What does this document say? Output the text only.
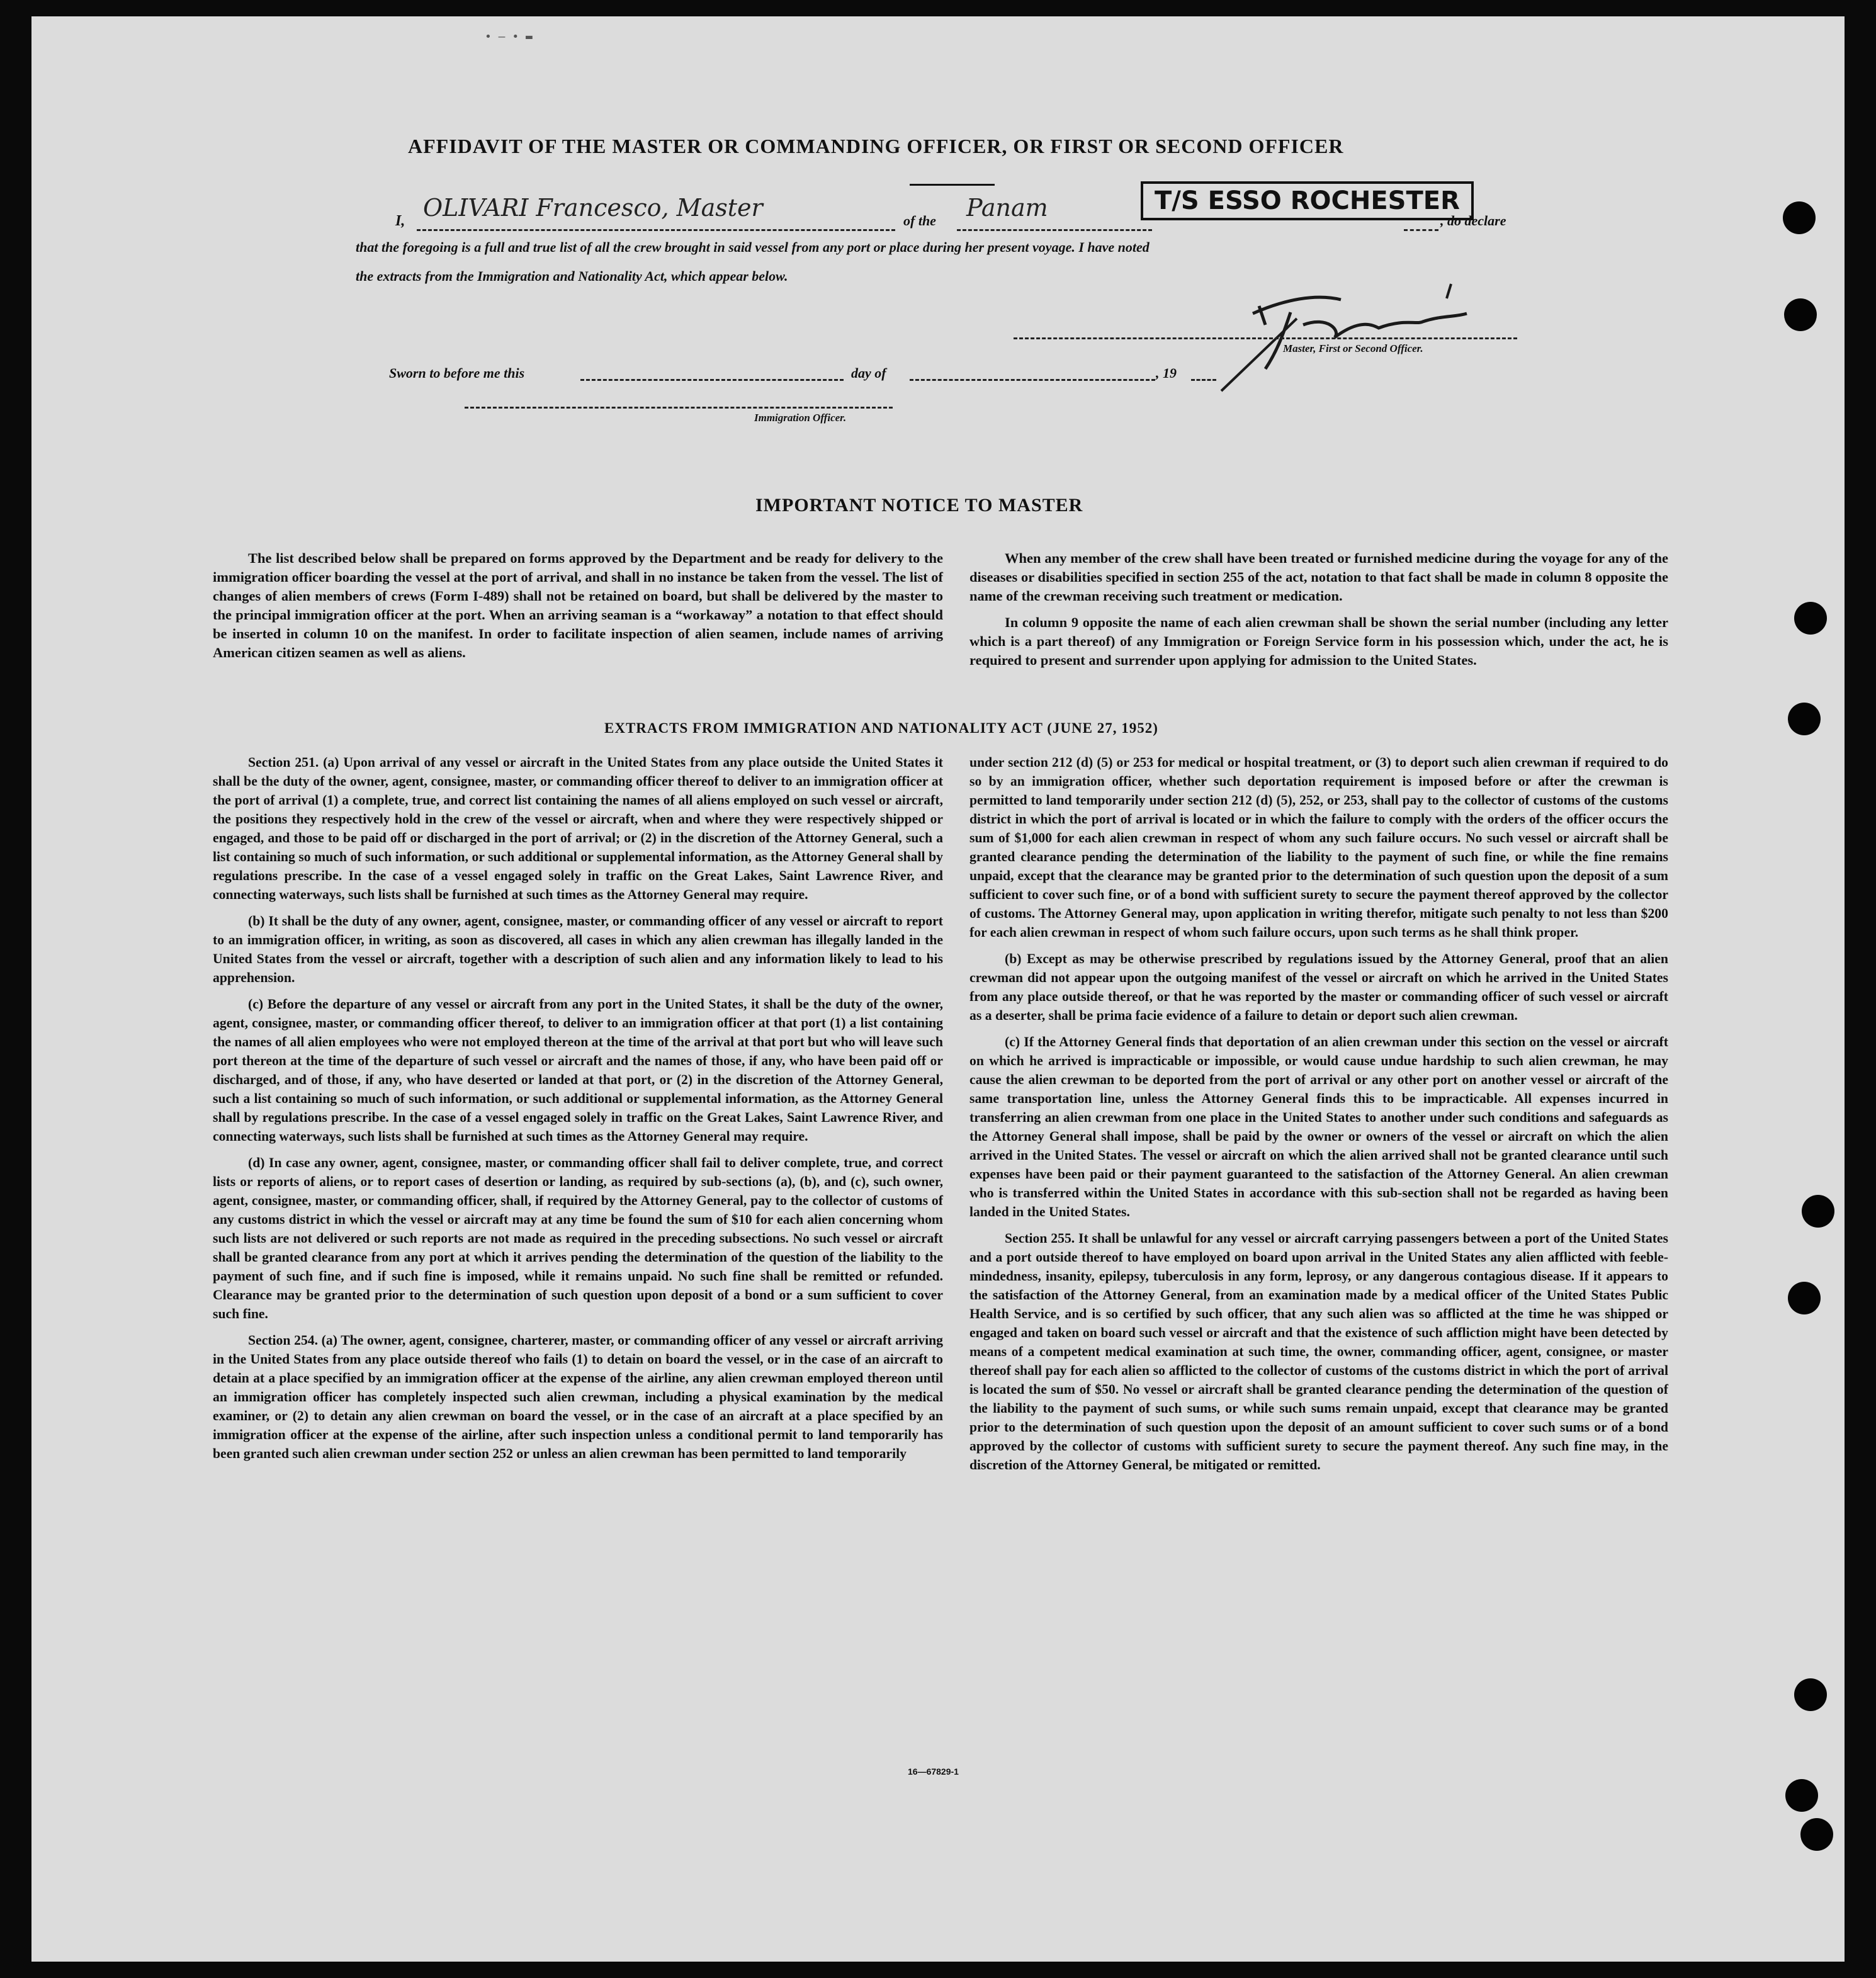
• — • ▬
AFFIDAVIT OF THE MASTER OR COMMANDING OFFICER, OR FIRST OR SECOND OFFICER
I, OLIVARI Francesco, Master	of the Panam	T/S ESSO ROCHESTER
, do declare
that the foregoing is a full and true list of all the crew brought in said vessel from any port or place during her present voyage. I have noted
the extracts from the Immigration and Nationality Act, which appear below.
Master, First or Second Officer.
Sworn to before me this	day of	, 19
Immigration Officer.
IMPORTANT NOTICE TO MASTER

The list described below shall be prepared on forms approved by the Department and be ready for delivery to the immigration officer boarding the vessel at the port of arrival, and shall in no instance be taken from the vessel. The list of changes of alien members of crews (Form I-489) shall not be retained on board, but shall be delivered by the master to the principal immigration officer at the port. When an arriving seaman is a “workaway” a notation to that effect should be inserted in column 10 on the manifest. In order to facilitate inspection of alien seamen, include names of arriving American citizen seamen as well as aliens.

When any member of the crew shall have been treated or furnished medicine during the voyage for any of the diseases or disabilities specified in section 255 of the act, notation to that fact shall be made in column 8 opposite the name of the crewman receiving such treatment or medication.

In column 9 opposite the name of each alien crewman shall be shown the serial number (including any letter which is a part thereof) of any Immigration or Foreign Service form in his possession which, under the act, he is required to present and surrender upon applying for admission to the United States.

EXTRACTS FROM IMMIGRATION AND NATIONALITY ACT (JUNE 27, 1952)

Section 251. (a) Upon arrival of any vessel or aircraft in the United States from any place outside the United States it shall be the duty of the owner, agent, consignee, master, or commanding officer thereof to deliver to an immigration officer at the port of arrival (1) a complete, true, and correct list containing the names of all aliens employed on such vessel or aircraft, the positions they respectively hold in the crew of the vessel or aircraft, when and where they were respectively shipped or engaged, and those to be paid off or discharged in the port of arrival; or (2) in the discretion of the Attorney General, such a list containing so much of such information, or such additional or supplemental information, as the Attorney General shall by regulations prescribe. In the case of a vessel engaged solely in traffic on the Great Lakes, Saint Lawrence River, and connecting waterways, such lists shall be furnished at such times as the Attorney General may require.

(b) It shall be the duty of any owner, agent, consignee, master, or commanding officer of any vessel or aircraft to report to an immigration officer, in writing, as soon as discovered, all cases in which any alien crewman has illegally landed in the United States from the vessel or aircraft, together with a description of such alien and any information likely to lead to his apprehension.

(c) Before the departure of any vessel or aircraft from any port in the United States, it shall be the duty of the owner, agent, consignee, master, or commanding officer thereof, to deliver to an immigration officer at that port (1) a list containing the names of all alien employees who were not employed thereon at the time of the arrival at that port but who will leave such port thereon at the time of the departure of such vessel or aircraft and the names of those, if any, who have been paid off or discharged, and of those, if any, who have deserted or landed at that port, or (2) in the discretion of the Attorney General, such a list containing so much of such information, or such additional or supplemental information, as the Attorney General shall by regulations prescribe. In the case of a vessel engaged solely in traffic on the Great Lakes, Saint Lawrence River, and connecting waterways, such lists shall be furnished at such times as the Attorney General may require.

(d) In case any owner, agent, consignee, master, or commanding officer shall fail to deliver complete, true, and correct lists or reports of aliens, or to report cases of desertion or landing, as required by sub-sections (a), (b), and (c), such owner, agent, consignee, master, or commanding officer, shall, if required by the Attorney General, pay to the collector of customs of any customs district in which the vessel or aircraft may at any time be found the sum of $10 for each alien concerning whom such lists are not delivered or such reports are not made as required in the preceding subsections. No such vessel or aircraft shall be granted clearance from any port at which it arrives pending the determination of the question of the liability to the payment of such fine, and if such fine is imposed, while it remains unpaid. No such fine shall be remitted or refunded. Clearance may be granted prior to the determination of such question upon deposit of a bond or a sum sufficient to cover such fine.

Section 254. (a) The owner, agent, consignee, charterer, master, or commanding officer of any vessel or aircraft arriving in the United States from any place outside thereof who fails (1) to detain on board the vessel, or in the case of an aircraft to detain at a place specified by an immigration officer at the expense of the airline, any alien crewman employed thereon until an immigration officer has completely inspected such alien crewman, including a physical examination by the medical examiner, or (2) to detain any alien crewman on board the vessel, or in the case of an aircraft at a place specified by an immigration officer at the expense of the airline, after such inspection unless a conditional permit to land temporarily has been granted such alien crewman under section 252 or unless an alien crewman has been permitted to land temporarily

under section 212 (d) (5) or 253 for medical or hospital treatment, or (3) to deport such alien crewman if required to do so by an immigration officer, whether such deportation requirement is imposed before or after the crewman is permitted to land temporarily under section 212 (d) (5), 252, or 253, shall pay to the collector of customs of the customs district in which the port of arrival is located or in which the failure to comply with the orders of the officer occurs the sum of $1,000 for each alien crewman in respect of whom any such failure occurs. No such vessel or aircraft shall be granted clearance pending the determination of the liability to the payment of such fine, or while the fine remains unpaid, except that the clearance may be granted prior to the determination of such question upon the deposit of a sum sufficient to cover such fine, or of a bond with sufficient surety to secure the payment thereof approved by the collector of customs. The Attorney General may, upon application in writing therefor, mitigate such penalty to not less than $200 for each alien crewman in respect of whom such failure occurs, upon such terms as he shall think proper.

(b) Except as may be otherwise prescribed by regulations issued by the Attorney General, proof that an alien crewman did not appear upon the outgoing manifest of the vessel or aircraft on which he arrived in the United States from any place outside thereof, or that he was reported by the master or commanding officer of such vessel or aircraft as a deserter, shall be prima facie evidence of a failure to detain or deport such alien crewman.

(c) If the Attorney General finds that deportation of an alien crewman under this section on the vessel or aircraft on which he arrived is impracticable or impossible, or would cause undue hardship to such alien crewman, he may cause the alien crewman to be deported from the port of arrival or any other port on another vessel or aircraft of the same transportation line, unless the Attorney General finds this to be impracticable. All expenses incurred in transferring an alien crewman from one place in the United States to another under such conditions and safeguards as the Attorney General shall impose, shall be paid by the owner or owners of the vessel or aircraft on which the alien arrived in the United States. The vessel or aircraft on which the alien arrived shall not be granted clearance until such expenses have been paid or their payment guaranteed to the satisfaction of the Attorney General. An alien crewman who is transferred within the United States in accordance with this sub-section shall not be regarded as having been landed in the United States.

Section 255. It shall be unlawful for any vessel or aircraft carrying passengers between a port of the United States and a port outside thereof to have employed on board upon arrival in the United States any alien afflicted with feeble-mindedness, insanity, epilepsy, tuberculosis in any form, leprosy, or any dangerous contagious disease. If it appears to the satisfaction of the Attorney General, from an examination made by a medical officer of the United States Public Health Service, and is so certified by such officer, that any such alien was so afflicted at the time he was shipped or engaged and taken on board such vessel or aircraft and that the existence of such affliction might have been detected by means of a competent medical examination at such time, the owner, commanding officer, agent, consignee, or master thereof shall pay for each alien so afflicted to the collector of customs of the customs district in which the port of arrival is located the sum of $50. No vessel or aircraft shall be granted clearance pending the determination of the question of the liability to the payment of such sums, or while such sums remain unpaid, except that clearance may be granted prior to the determination of such question upon the deposit of an amount sufficient to cover such sums or of a bond approved by the collector of customs with sufficient surety to secure the payment thereof. Any such fine may, in the discretion of the Attorney General, be mitigated or remitted.

16—67829-1
